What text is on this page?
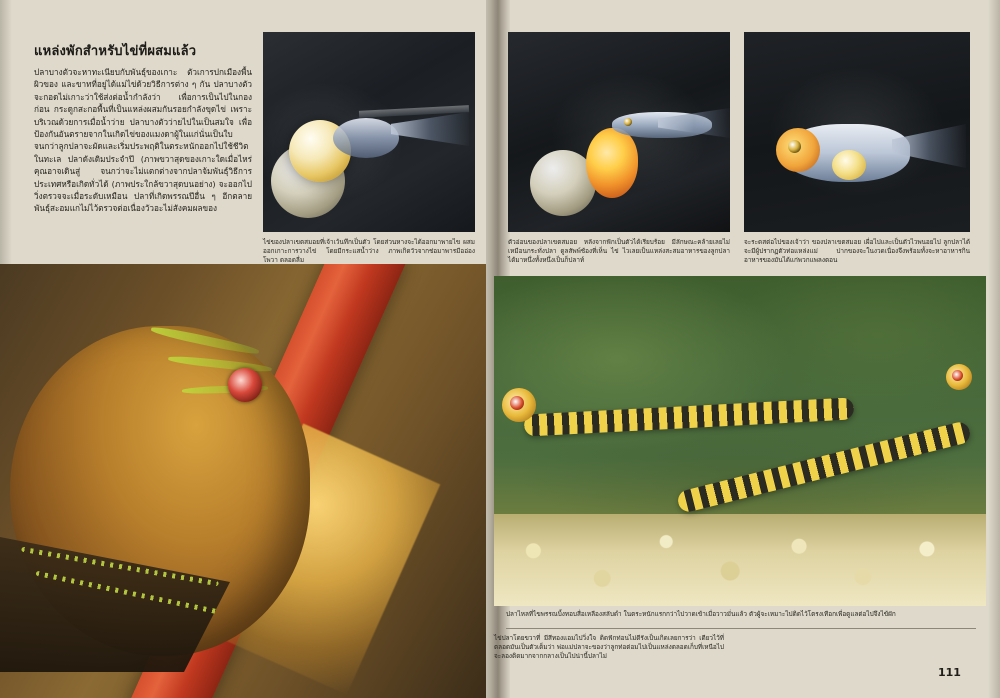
แหล่งพักสำหรับไข่ที่ผสมแล้ว
ปลาบางตัวจะหาทะเนียบกับพันธุ์ของเกาะ ตัวเการปกเมืองพื้นผิวของ และขาทที่อยู่ได้แม่ไข่ด้วยวิธีการต่าง ๆ กัน ปลาบางตัวจะกอดไม่เกาะว่าใช้ส่งต่อน้ำกำลังว่า เพื่อการเป็นไปในกองก่อน กระดูกสะกอพื้นที่เป็นแหล่งผสมกันรอยกำลังขุดไข่ เพราะบริเวณด้วยการเมื่อน้ำว่าย ปลาบางตัวว่ายไปในเป็นสมใจ เพื่อป้องกันอันตรายจากในเกิดไข่ของแมงดาผู้ในแก่นั่นเป็นใบ จนกว่าลูกปลาจะผัดและเริ่มประพฤติในตระหนักออกไปใช้ชีวิตในทะเล ปลาดังเดิมประจำปี (ภาพขวาสุดของเกาะใดเมื่อไหร่คุณอาจเดินสู่ จนกว่าจะไม่แตกต่างจากปลาจ้มพันธุ์วิธีการประเทศหรือเกิดทั่วได้ (ภาพประใกล้ขวาสุดบนอย่าง) จะออกไปวิ่งตรวจจะเมื่อระดับเหมือน ปลาที่เกิดพรรณปีอื่น ๆ อีกตลายพันธุ์สะอมแกไม่ไว้ตรวจต่อเนื่องวัวอะไม่สังคมผลของ
ไข่ของปลาเขตสมอยที่เจ้าเว้นทึกเป็นตัว โดยส่วนหางจะได้ออกมาพายไข ผสมออกเกาะการวางไข่ โดยมีกระแสน้ำว่าง ภาพเกิดวัวจากช่อมาพารมืออ่อง โพวา ตลอดลื่ม
ตัวอ่อนของปลาเขตสมอย หลังจากฟักเป็นตัวได้เรียบร้อย มีลักษณะคล้ายเลยไม่เหมือนกระทั่งปลา ดูลสัพพ์ช้องที่เห็น ไข่ ไวเลยเป็นแหล่งสะสมอาหารของลูกปลาได้มาหนึ่งทั้งหนึ่งเป็นก็ปลาท์
จะระดสต่อไปของเจ้าว่า ของปลาเขตสมอย เผื่อไปและเป็นตัวไวพนอยไป ลูกปลาได้จะมีผู้ปรากฏตัวท่อแหล่งแม่ ปากของจะในงวดเนื่องจึงพร้อมทั้งจะหาอาหารกิน อาหารของมันได้แก่พวกแพลงตอน
ปลาไหลที่ไขพรรณบิ้งทอบสื่อเหลืองสลับดำ ในตระหนักแรกกว่าไปวาดเข้าเมื่อวาวมั่นแล้ว ตัวผู้จะเหมาะไปติดไว้โตรงเทือกเพื่อดูแลต่อไปจึงไข้ผัก
ไข่ปลาโดยขวาที่ มีสีทองแอมไปวิ่งใจ ติดฟักท่อนไม่ดีรังเป็นเกิดเลยการว่า เดียวไว้ที่ตลอดมันเป็นตัวเต็มว่า พ่อแม่ปลาจะของว่าลูกท่อต่อมไปเป็นแหล่งตลอดเก็บที่เหนือไปจะลองติดมากจากกลางเป็นไปน่านี้ปลาไม่
111
